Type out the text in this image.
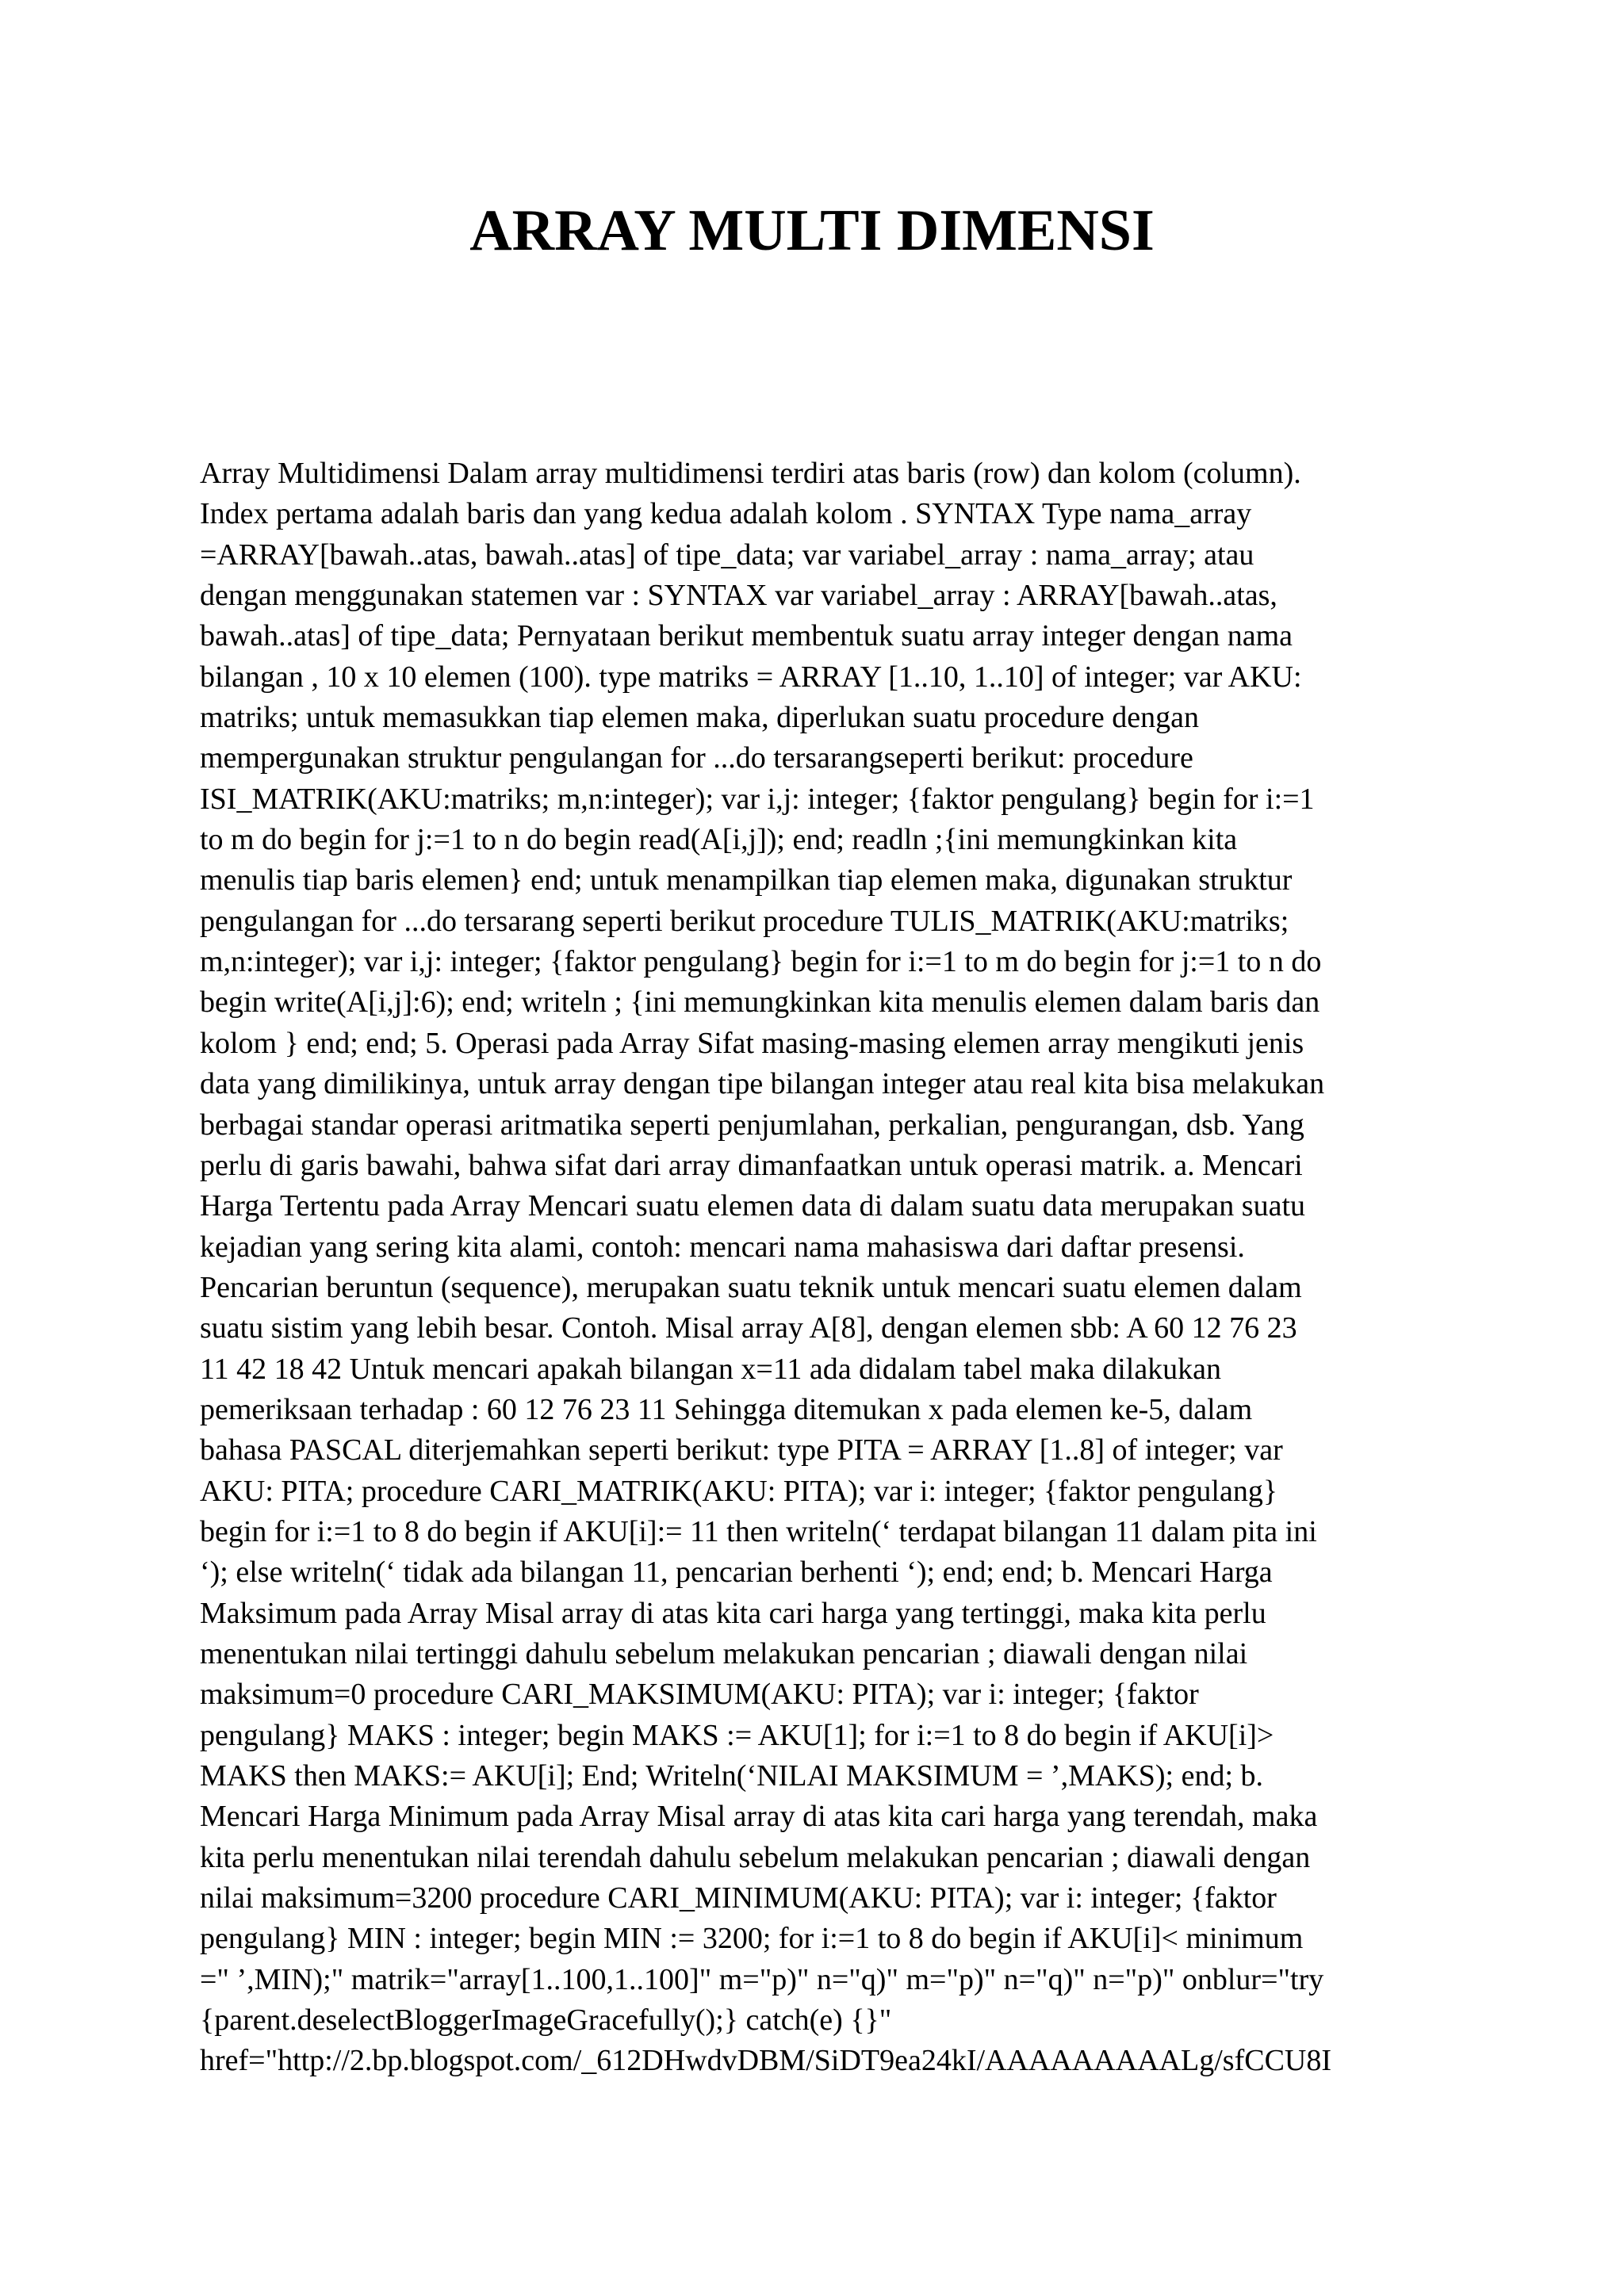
ARRAY MULTI DIMENSI
Array Multidimensi Dalam array multidimensi terdiri atas baris (row) dan kolom (column).
Index pertama adalah baris dan yang kedua adalah kolom . SYNTAX Type nama_array
=ARRAY[bawah..atas, bawah..atas] of tipe_data; var variabel_array : nama_array; atau
dengan menggunakan statemen var : SYNTAX var variabel_array : ARRAY[bawah..atas,
bawah..atas] of tipe_data; Pernyataan berikut membentuk suatu array integer dengan nama
bilangan , 10 x 10 elemen (100). type matriks = ARRAY [1..10, 1..10] of integer; var AKU:
matriks; untuk memasukkan tiap elemen maka, diperlukan suatu procedure dengan
mempergunakan struktur pengulangan for ...do tersarangseperti berikut: procedure
ISI_MATRIK(AKU:matriks; m,n:integer); var i,j: integer; {faktor pengulang} begin for i:=1
to m do begin for j:=1 to n do begin read(A[i,j]); end; readln ;{ini memungkinkan kita
menulis tiap baris elemen} end; untuk menampilkan tiap elemen maka, digunakan struktur
pengulangan for ...do tersarang seperti berikut procedure TULIS_MATRIK(AKU:matriks;
m,n:integer); var i,j: integer; {faktor pengulang} begin for i:=1 to m do begin for j:=1 to n do
begin write(A[i,j]:6); end; writeln ; {ini memungkinkan kita menulis elemen dalam baris dan
kolom } end; end; 5. Operasi pada Array Sifat masing-masing elemen array mengikuti jenis
data yang dimilikinya, untuk array dengan tipe bilangan integer atau real kita bisa melakukan
berbagai standar operasi aritmatika seperti penjumlahan, perkalian, pengurangan, dsb. Yang
perlu di garis bawahi, bahwa sifat dari array dimanfaatkan untuk operasi matrik. a. Mencari
Harga Tertentu pada Array Mencari suatu elemen data di dalam suatu data merupakan suatu
kejadian yang sering kita alami, contoh: mencari nama mahasiswa dari daftar presensi.
Pencarian beruntun (sequence), merupakan suatu teknik untuk mencari suatu elemen dalam
suatu sistim yang lebih besar. Contoh. Misal array A[8], dengan elemen sbb: A 60 12 76 23
11 42 18 42 Untuk mencari apakah bilangan x=11 ada didalam tabel maka dilakukan
pemeriksaan terhadap : 60 12 76 23 11 Sehingga ditemukan x pada elemen ke-5, dalam
bahasa PASCAL diterjemahkan seperti berikut: type PITA = ARRAY [1..8] of integer; var
AKU: PITA; procedure CARI_MATRIK(AKU: PITA); var i: integer; {faktor pengulang}
begin for i:=1 to 8 do begin if AKU[i]:= 11 then writeln(‘ terdapat bilangan 11 dalam pita ini
‘); else writeln(‘ tidak ada bilangan 11, pencarian berhenti ‘); end; end; b. Mencari Harga
Maksimum pada Array Misal array di atas kita cari harga yang tertinggi, maka kita perlu
menentukan nilai tertinggi dahulu sebelum melakukan pencarian ; diawali dengan nilai
maksimum=0 procedure CARI_MAKSIMUM(AKU: PITA); var i: integer; {faktor
pengulang} MAKS : integer; begin MAKS := AKU[1]; for i:=1 to 8 do begin if AKU[i]>
MAKS then MAKS:= AKU[i]; End; Writeln(‘NILAI MAKSIMUM = ’,MAKS); end; b.
Mencari Harga Minimum pada Array Misal array di atas kita cari harga yang terendah, maka
kita perlu menentukan nilai terendah dahulu sebelum melakukan pencarian ; diawali dengan
nilai maksimum=3200 procedure CARI_MINIMUM(AKU: PITA); var i: integer; {faktor
pengulang} MIN : integer; begin MIN := 3200; for i:=1 to 8 do begin if AKU[i]< minimum
=" ’,MIN);" matrik="array[1..100,1..100]" m="p)" n="q)" m="p)" n="q)" n="p)" onblur="try
{parent.deselectBloggerImageGracefully();} catch(e) {}"
href="http://2.bp.blogspot.com/_612DHwdvDBM/SiDT9ea24kI/AAAAAAAAALg/sfCCU8I
